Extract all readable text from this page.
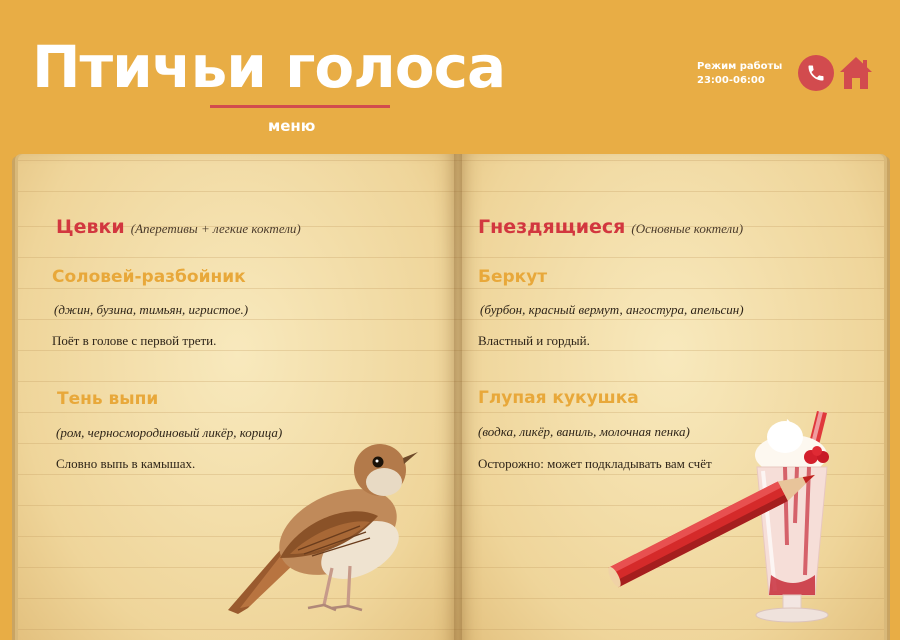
Птичьи голоса
меню
Режим работы
23:00-06:00
Цевки (Аперетивы + легкие коктели)
Соловей-разбойник
(джин, бузина, тимьян, игристое.)
Поёт в голове с первой трети.
Тень выпи
(ром, черносмородиновый ликёр, корица)
Словно выпь в камышах.
Гнездящиеся (Основные коктели)
Беркут
(бурбон, красный вермут, ангостура, апельсин)
Властный и гордый.
Глупая кукушка
(водка, ликёр, ваниль, молочная пенка)
Осторожно: может подкладывать вам счёт
